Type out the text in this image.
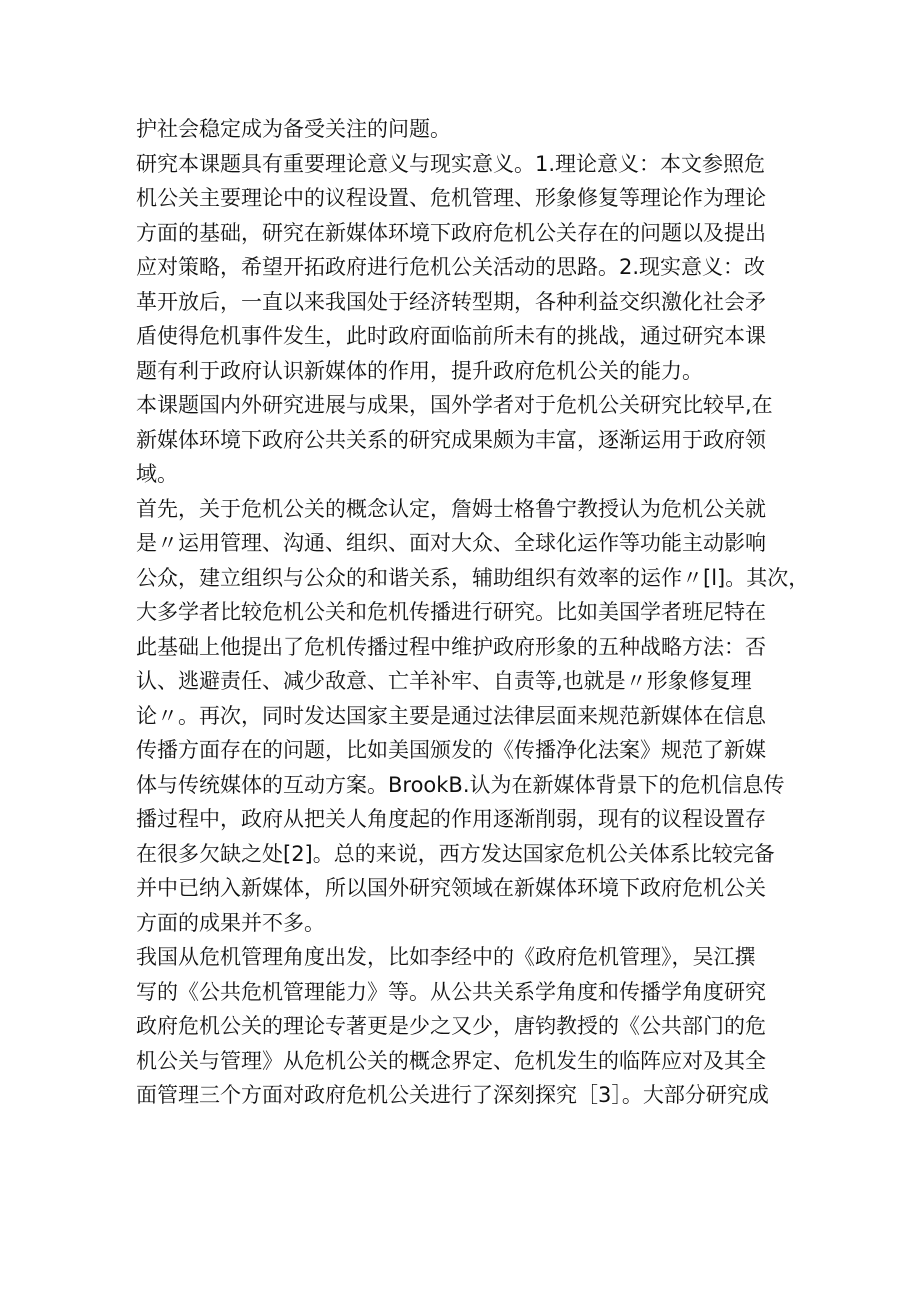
护社会稳定成为备受关注的问题。
研究本课题具有重要理论意义与现实意义。1.理论意义：本文参照危
机公关主要理论中的议程设置、危机管理、形象修复等理论作为理论
方面的基础，研究在新媒体环境下政府危机公关存在的问题以及提出
应对策略，希望开拓政府进行危机公关活动的思路。2.现实意义：改
革开放后，一直以来我国处于经济转型期，各种利益交织激化社会矛
盾使得危机事件发生，此时政府面临前所未有的挑战，通过研究本课
题有利于政府认识新媒体的作用，提升政府危机公关的能力。
本课题国内外研究进展与成果，国外学者对于危机公关研究比较早,在
新媒体环境下政府公共关系的研究成果颇为丰富，逐渐运用于政府领
域。
首先，关于危机公关的概念认定，詹姆士格鲁宁教授认为危机公关就
是〃运用管理、沟通、组织、面对大众、全球化运作等功能主动影响
公众，建立组织与公众的和谐关系，辅助组织有效率的运作〃[l]。其次，
大多学者比较危机公关和危机传播进行研究。比如美国学者班尼特在
此基础上他提出了危机传播过程中维护政府形象的五种战略方法：否
认、逃避责任、减少敌意、亡羊补牢、自责等,也就是〃形象修复理
论〃。再次，同时发达国家主要是通过法律层面来规范新媒体在信息
传播方面存在的问题，比如美国颁发的《传播净化法案》规范了新媒
体与传统媒体的互动方案。BrookB.认为在新媒体背景下的危机信息传
播过程中，政府从把关人角度起的作用逐渐削弱，现有的议程设置存
在很多欠缺之处[2]。总的来说，西方发达国家危机公关体系比较完备
并中已纳入新媒体，所以国外研究领域在新媒体环境下政府危机公关
方面的成果并不多。
我国从危机管理角度出发，比如李经中的《政府危机管理》，吴江撰
写的《公共危机管理能力》等。从公共关系学角度和传播学角度研究
政府危机公关的理论专著更是少之又少，唐钧教授的《公共部门的危
机公关与管理》从危机公关的概念界定、危机发生的临阵应对及其全
面管理三个方面对政府危机公关进行了深刻探究［3］。大部分研究成
